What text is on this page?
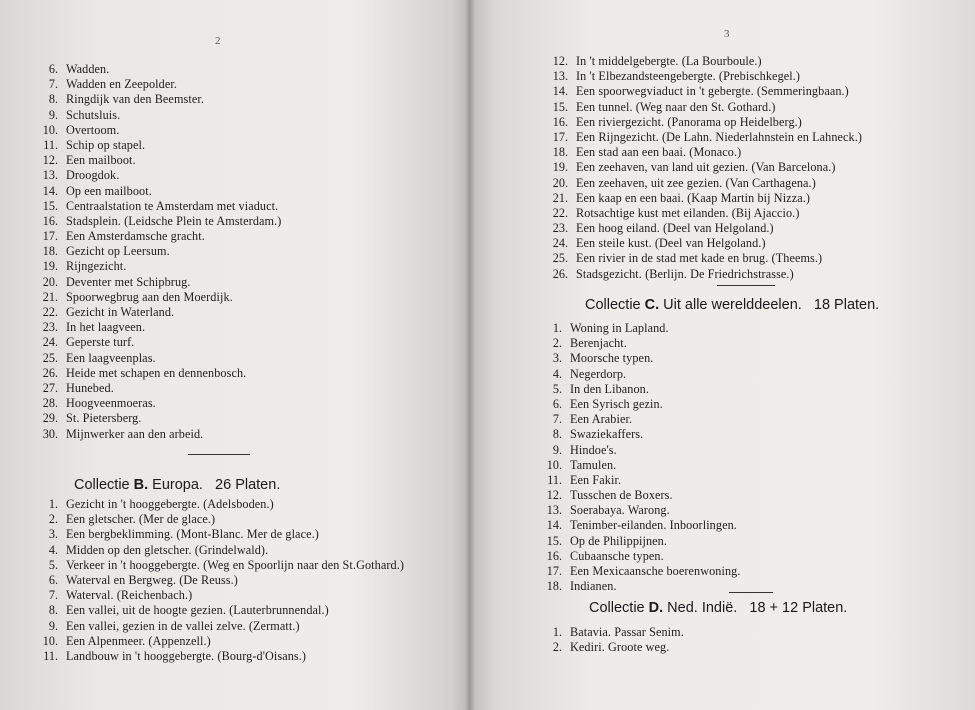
2
6. Wadden.
7. Wadden en Zeepolder.
8. Ringdijk van den Beemster.
9. Schutsluis.
10. Overtoom.
11. Schip op stapel.
12. Een mailboot.
13. Droogdok.
14. Op een mailboot.
15. Centraalstation te Amsterdam met viaduct.
16. Stadsplein. (Leidsche Plein te Amsterdam.)
17. Een Amsterdamsche gracht.
18. Gezicht op Leersum.
19. Rijngezicht.
20. Deventer met Schipbrug.
21. Spoorwegbrug aan den Moerdijk.
22. Gezicht in Waterland.
23. In het laagveen.
24. Geperste turf.
25. Een laagveenplas.
26. Heide met schapen en dennenbosch.
27. Hunebed.
28. Hoogveenmoeras.
29. St. Pietersberg.
30. Mijnwerker aan den arbeid.
Collectie B. Europa.   26 Platen.
1. Gezicht in 't hooggebergte. (Adelsboden.)
2. Een gletscher. (Mer de glace.)
3. Een bergbeklimming. (Mont-Blanc. Mer de glace.)
4. Midden op den gletscher. (Grindelwald).
5. Verkeer in 't hooggebergte. (Weg en Spoorlijn naar den St.Gothard.)
6. Waterval en Bergweg. (De Reuss.)
7. Waterval. (Reichenbach.)
8. Een vallei, uit de hoogte gezien. (Lauterbrunnendal.)
9. Een vallei, gezien in de vallei zelve. (Zermatt.)
10. Een Alpenmeer. (Appenzell.)
11. Landbouw in 't hooggebergte. (Bourg-d'Oisans.)
3
12. In 't middelgebergte. (La Bourboule.)
13. In 't Elbezandsteengebergte. (Prebischkegel.)
14. Een spoorwegviaduct in 't gebergte. (Semmeringbaan.)
15. Een tunnel. (Weg naar den St. Gothard.)
16. Een riviergezicht. (Panorama op Heidelberg.)
17. Een Rijngezicht. (De Lahn. Niederlahnstein en Lahneck.)
18. Een stad aan een baai. (Monaco.)
19. Een zeehaven, van land uit gezien. (Van Barcelona.)
20. Een zeehaven, uit zee gezien. (Van Carthagena.)
21. Een kaap en een baai. (Kaap Martin bij Nizza.)
22. Rotsachtige kust met eilanden. (Bij Ajaccio.)
23. Een hoog eiland. (Deel van Helgoland.)
24. Een steile kust. (Deel van Helgoland.)
25. Een rivier in de stad met kade en brug. (Theems.)
26. Stadsgezicht. (Berlijn. De Friedrichstrasse.)
Collectie C. Uit alle werelddeelen.   18 Platen.
1. Woning in Lapland.
2. Berenjacht.
3. Moorsche typen.
4. Negerdorp.
5. In den Libanon.
6. Een Syrisch gezin.
7. Een Arabier.
8. Swaziekaffers.
9. Hindoe's.
10. Tamulen.
11. Een Fakir.
12. Tusschen de Boxers.
13. Soerabaya. Warong.
14. Tenimber-eilanden. Inboorlingen.
15. Op de Philippijnen.
16. Cubaansche typen.
17. Een Mexicaansche boerenwoning.
18. Indianen.
Collectie D. Ned. Indië.   18 + 12 Platen.
1. Batavia. Passar Senim.
2. Kediri. Groote weg.
